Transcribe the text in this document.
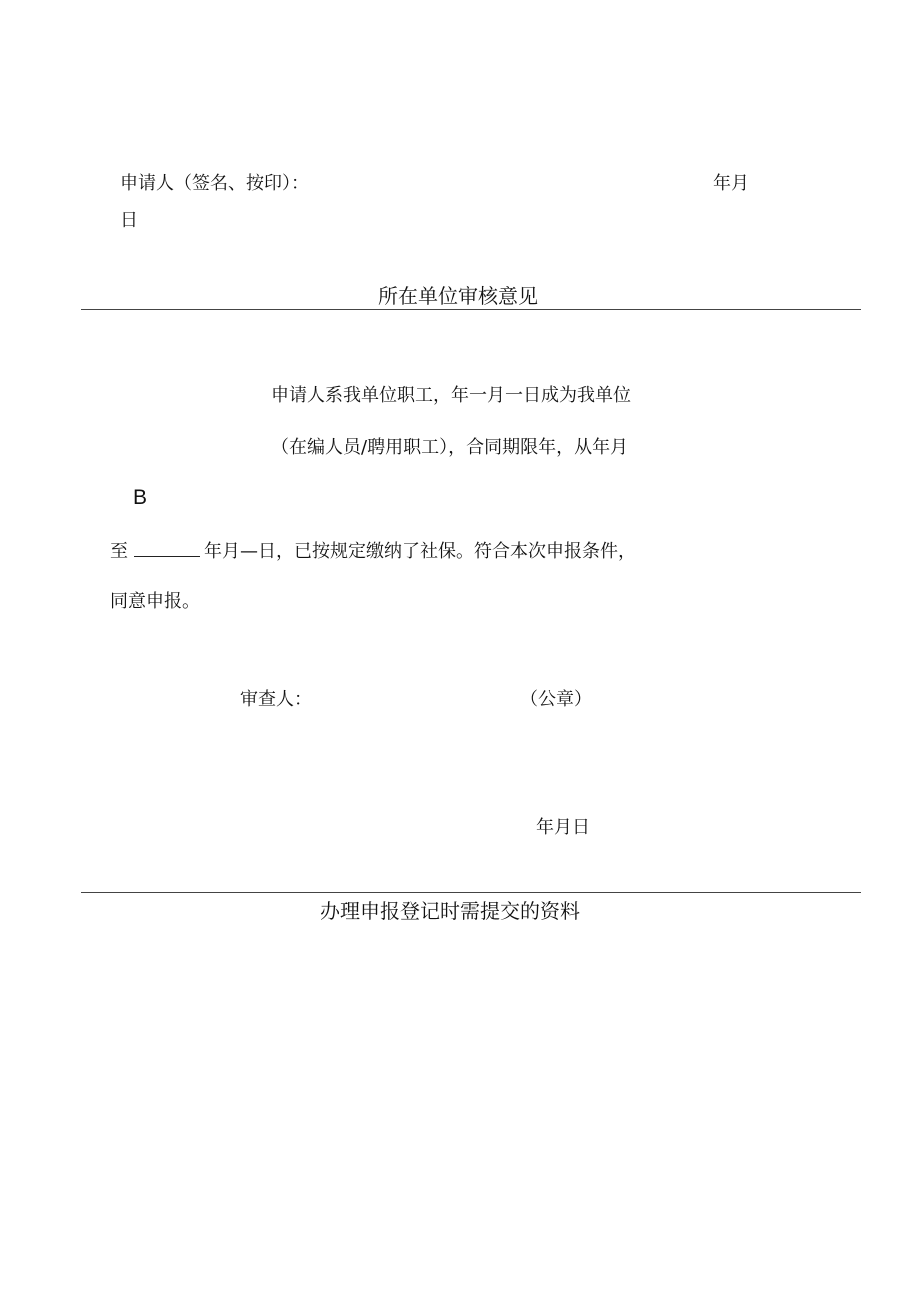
申请人（签名、按印）：	年月
日
所在单位审核意见
申请人系我单位职工，年一月一日成为我单位
（在编人员/聘用职工），合同期限年，从年月
B
至	年月—日，已按规定缴纳了社保。符合本次申报条件，
同意申报。
审查人：	（公章）
年月日
办理申报登记时需提交的资料
